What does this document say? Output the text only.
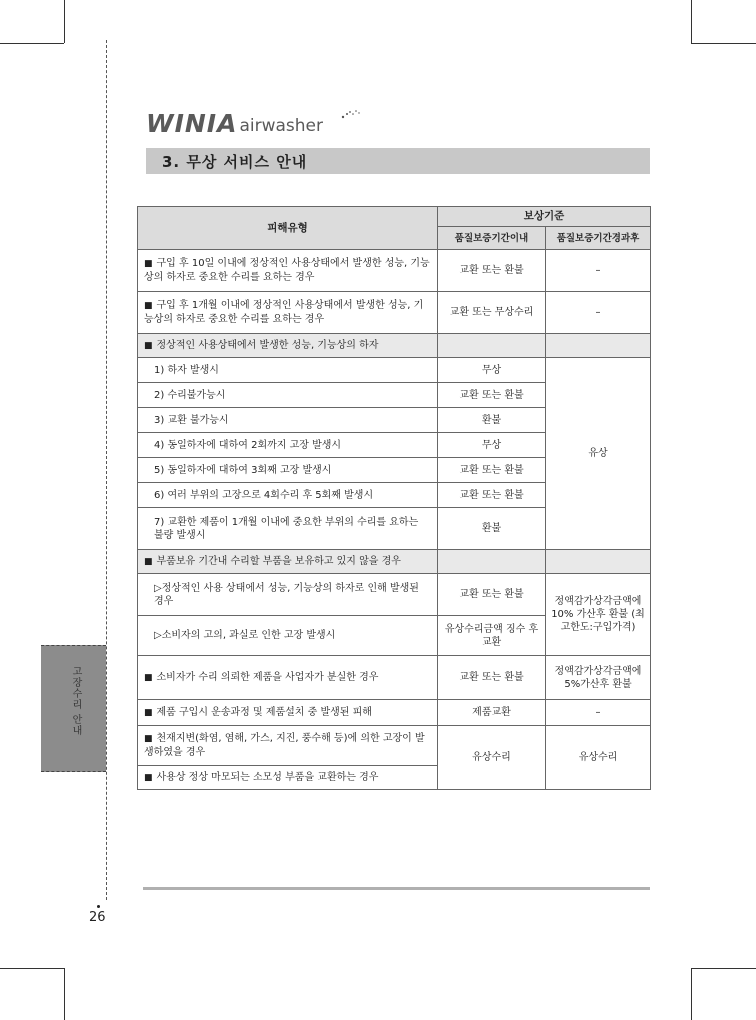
WINIA airwasher
3. 무상 서비스 안내
피해유형	보상기준	
	품질보증기간이내	품질보증기간경과후
■ 구입 후 10일 이내에 정상적인 사용상태에서 발생한 성능, 기능상의 하자로 중요한 수리를 요하는 경우	교환 또는 환불	–
■ 구입 후 1개월 이내에 정상적인 사용상태에서 발생한 성능, 기능상의 하자로 중요한 수리를 요하는 경우	교환 또는 무상수리	–
■ 정상적인 사용상태에서 발생한 성능, 기능상의 하자		
1) 하자 발생시	무상	유상
2) 수리불가능시	교환 또는 환불	
3) 교환 불가능시	환불	
4) 동일하자에 대하여 2회까지 고장 발생시	무상	
5) 동일하자에 대하여 3회째 고장 발생시	교환 또는 환불	
6) 여러 부위의 고장으로 4회수리 후 5회째 발생시	교환 또는 환불	
7) 교환한 제품이 1개월 이내에 중요한 부위의 수리를 요하는 불량 발생시	환불	
■ 부품보유 기간내 수리할 부품을 보유하고 있지 않을 경우		
▷정상적인 사용 상태에서 성능, 기능상의 하자로 인해 발생된 경우	교환 또는 환불	정액감가상각금액에 10% 가산후 환불 (최고한도:구입가격)
▷소비자의 고의, 과실로 인한 고장 발생시	유상수리금액 징수 후 교환	
■ 소비자가 수리 의뢰한 제품을 사업자가 분실한 경우	교환 또는 환불	정액감가상각금액에 5%가산후 환불
■ 제품 구입시 운송과정 및 제품설치 중 발생된 피해	제품교환	–
■ 천재지변(화염, 염해, 가스, 지진, 풍수해 등)에 의한 고장이 발생하였을 경우	유상수리	유상수리
■ 사용상 정상 마모되는 소모성 부품을 교환하는 경우		
고장수리 안내
26
